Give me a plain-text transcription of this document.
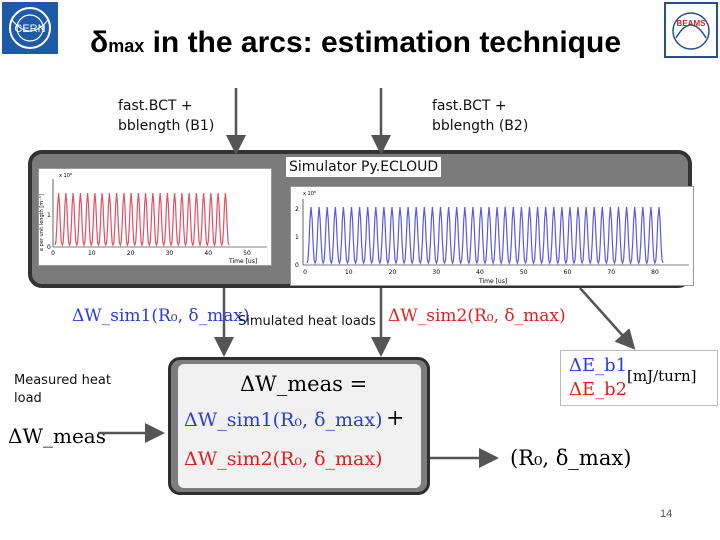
CERN	BEAMS
δmax in the arcs: estimation technique
fast.BCT +
bblength (B1)
fast.BCT +
bblength (B2)
Simulator Py.ECLOUD
e per unit length [m⁻¹]
x 10⁸
1
0
0	10	20	30	40	50
Time [us]
x 10⁸
2
1
0
0	10	20	30	40	50	60	70	80
Time [us]
ΔW_sim1(R₀, δ_max)
Simulated heat loads ΔW_sim2(R₀, δ_max)
ΔE_b1
ΔE_b2
[mJ/turn]
Measured heat
load
ΔW_meas
ΔW_meas =
ΔW_sim1(R₀, δ_max) +
ΔW_sim2(R₀, δ_max)	(R₀, δ_max)
14
